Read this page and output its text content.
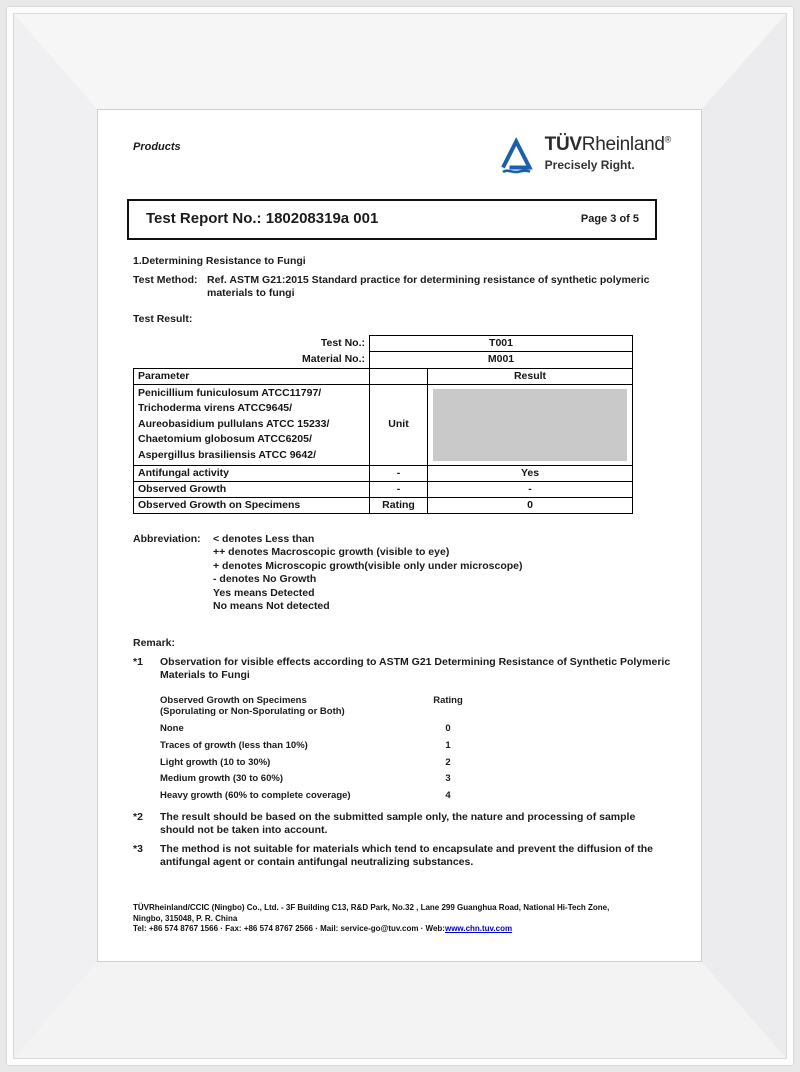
Products	TÜVRheinland®
Precisely Right.
Test Report No.: 180208319a 001	Page 3 of 5
1.Determining Resistance to Fungi
Test Method: Ref. ASTM G21:2015 Standard practice for determining resistance of synthetic polymeric materials to fungi
Test Result:
Test No.:	T001	
Material No.:	M001	
Parameter		Result

Penicillium funiculosum ATCC11797/
Trichoderma virens ATCC9645/
Aureobasidium pullulans ATCC 15233/
Chaetomium globosum ATCC6205/
Aspergillus brasiliensis ATCC 9642/	Unit	

Antifungal activity	-	Yes
Observed Growth	-	-
Observed Growth on Specimens	Rating	0
Abbreviation:	< denotes Less than
++ denotes Macroscopic growth (visible to eye)
+ denotes Microscopic growth(visible only under microscope)
- denotes No Growth
Yes means Detected
No means Not detected
Remark:
*1	Observation for visible effects according to ASTM G21 Determining Resistance of Synthetic Polymeric Materials to Fungi
Observed Growth on Specimens
(Sporulating or Non-Sporulating or Both)	Rating
None	0
Traces of growth (less than 10%)	1
Light growth (10 to 30%)	2
Medium growth (30 to 60%)	3
Heavy growth (60% to complete coverage)	4
*2	The result should be based on the submitted sample only, the nature and processing of sample should not be taken into account.
*3	The method is not suitable for materials which tend to encapsulate and prevent the diffusion of the antifungal agent or contain antifungal neutralizing substances.
TÜVRheinland/CCIC (Ningbo) Co., Ltd. - 3F Building C13, R&D Park, No.32 , Lane 299 Guanghua Road, National Hi-Tech Zone,
Ningbo, 315048, P. R. China
Tel: +86 574 8767 1566 · Fax: +86 574 8767 2566 · Mail: service-go@tuv.com · Web:www.chn.tuv.com
